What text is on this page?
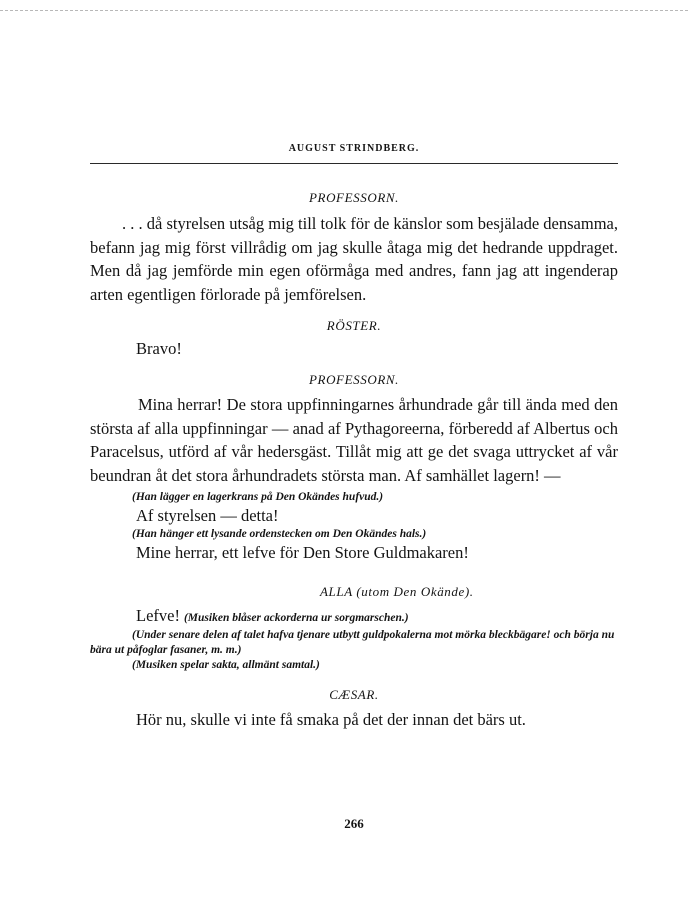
AUGUST STRINDBERG.
PROFESSORN.

. . . då styrelsen utsåg mig till tolk för de känslor som besjälade densamma, befann jag mig först villrådig om jag skulle åtaga mig det hedrande uppdraget. Men då jag jemförde min egen oförmåga med andres, fann jag att ingenderap arten egentligen förlorade på jemförelsen.

RÖSTER.

Bravo!

PROFESSORN.

Mina herrar! De stora uppfinningarnes århundrade går till ända med den största af alla uppfinningar — anad af Pythagoreerna, förberedd af Albertus och Paracelsus, utförd af vår hedersgäst. Tillåt mig att ge det svaga uttrycket af vår beundran åt det stora århundradets största man. Af samhället lagern! —

(Han lägger en lagerkrans på Den Okändes hufvud.)

Af styrelsen — detta!

(Han hänger ett lysande ordenstecken om Den Okändes hals.)

Mine herrar, ett lefve för Den Store Guldmakaren!

ALLA (utom Den Okände).
Lefve! (Musiken blåser ackorderna ur sorgmarschen.)
(Under senare delen af talet hafva tjenare utbytt guldpokalerna mot mörka bleckbägare! och börja nu bära ut påfoglar fasaner, m. m.)
(Musiken spelar sakta, allmänt samtal.)
CÆSAR.

Hör nu, skulle vi inte få smaka på det der innan det bärs ut.

266
